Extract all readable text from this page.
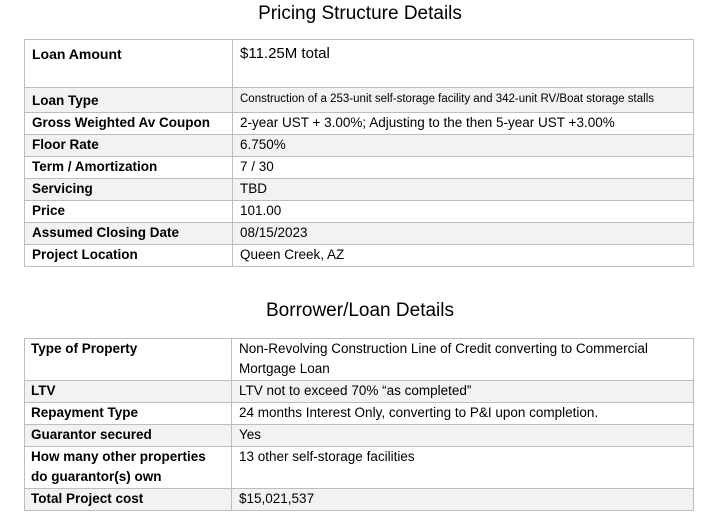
Pricing Structure Details
Loan Amount	$11.25M total
Loan Type	Construction of a 253-unit self-storage facility and 342-unit RV/Boat storage stalls
Gross Weighted Av Coupon	2-year UST + 3.00%; Adjusting to the then 5-year UST +3.00%
Floor Rate	6.750%
Term / Amortization	7 / 30
Servicing	TBD
Price	101.00
Assumed Closing Date	08/15/2023
Project Location	Queen Creek, AZ
Borrower/Loan Details
Type of Property	Non-Revolving Construction Line of Credit converting to Commercial Mortgage Loan
LTV	LTV not to exceed 70% “as completed”
Repayment Type	24 months Interest Only, converting to P&I upon completion.
Guarantor secured	Yes
How many other properties do guarantor(s) own	13 other self-storage facilities
Total Project cost	$15,021,537
